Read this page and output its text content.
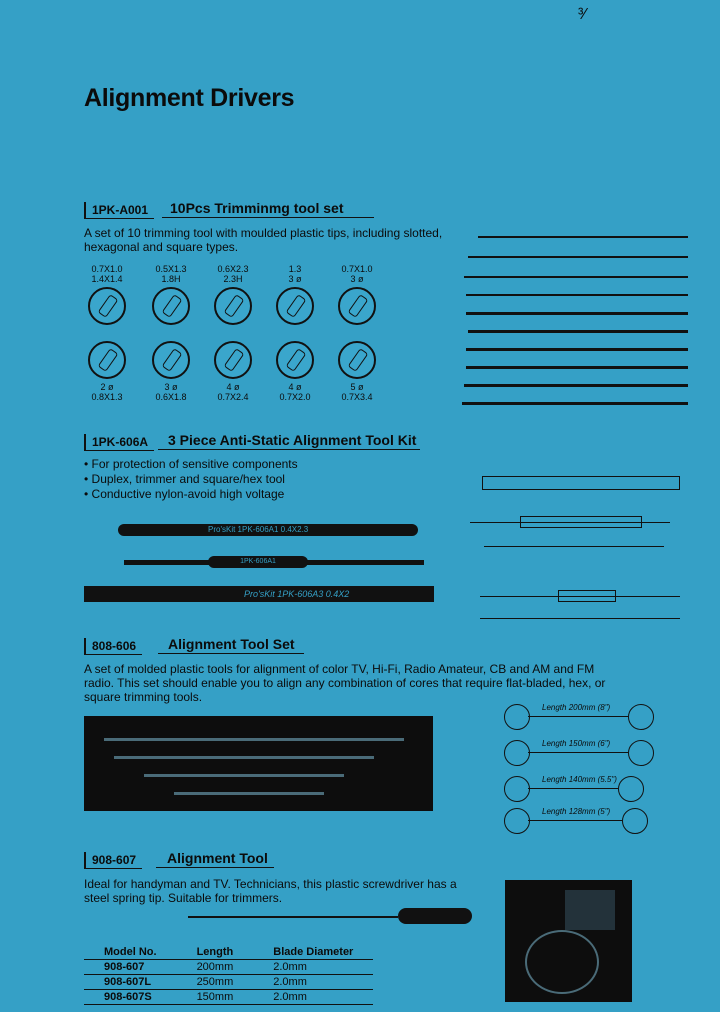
³⁄
Alignment Drivers
1PK-A001	10Pcs Trimminmg tool set
A set of 10 trimming tool with moulded plastic tips, including slotted, hexagonal and square types.
0.7X1.0
1.4X1.4
0.5X1.3
1.8H
0.6X2.3
2.3H
1.3
3 ø
0.7X1.0
3 ø
2 ø
0.8X1.3
3 ø
0.6X1.8
4 ø
0.7X2.4
4 ø
0.7X2.0
5 ø
0.7X3.4
1PK-606A	3 Piece Anti-Static Alignment Tool Kit
• For protection of sensitive components
• Duplex, trimmer and square/hex tool
• Conductive nylon-avoid high voltage
Pro'sKit 1PK-606A1 0.4X2.3
1PK-606A1
Pro'sKit 1PK-606A3 0.4X2
808-606	Alignment Tool Set
A set of molded plastic tools for alignment of color TV, Hi-Fi, Radio Amateur, CB and AM and FM radio. This set should enable you to align any combination of cores that require flat-bladed, hex, or square trimming tools.
Length 200mm (8")
Length 150mm (6")
Length 140mm (5.5")
Length 128mm (5")
908-607	Alignment Tool
Ideal for handyman and TV. Technicians, this plastic screwdriver has a steel spring tip. Suitable for trimmers.
Model No.	Length	Blade Diameter
908-607	200mm	2.0mm
908-607L	250mm	2.0mm
908-607S	150mm	2.0mm
